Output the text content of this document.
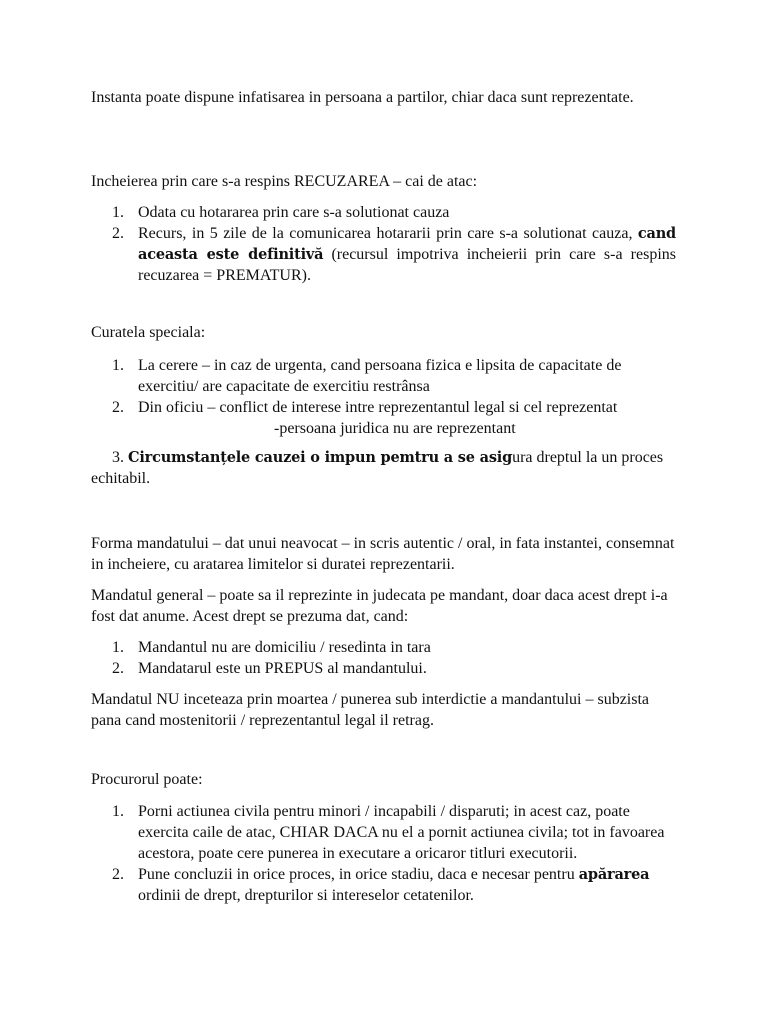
Instanta poate dispune infatisarea in persoana a partilor, chiar daca sunt reprezentate.

Incheierea prin care s-a respins RECUZAREA – cai de atac:

1. Odata cu hotararea prin care s-a solutionat cauza
2. Recurs, in 5 zile de la comunicarea hotararii prin care s-a solutionat cauza, cand aceasta este definitivă (recursul impotriva incheierii prin care s-a respins recuzarea = PREMATUR).

Curatela speciala:

1. La cerere – in caz de urgenta, cand persoana fizica e lipsita de capacitate de exercitiu/ are capacitate de exercitiu restrânsa
2. Din oficiu – conflict de interese intre reprezentantul legal si cel reprezentat
-persoana juridica nu are reprezentant

3. Circumstanțele cauzei o impun pemtru a se asigura dreptul la un proces echitabil.

Forma mandatului – dat unui neavocat – in scris autentic / oral, in fata instantei, consemnat in incheiere, cu aratarea limitelor si duratei reprezentarii.

Mandatul general – poate sa il reprezinte in judecata pe mandant, doar daca acest drept i-a fost dat anume. Acest drept se prezuma dat, cand:

1. Mandantul nu are domiciliu / resedinta in tara
2. Mandatarul este un PREPUS al mandantului.

Mandatul NU inceteaza prin moartea / punerea sub interdictie a mandantului – subzista pana cand mostenitorii / reprezentantul legal il retrag.

Procurorul poate:

1. Porni actiunea civila pentru minori / incapabili / disparuti; in acest caz, poate exercita caile de atac, CHIAR DACA nu el a pornit actiunea civila; tot in favoarea acestora, poate cere punerea in executare a oricaror titluri executorii.
2. Pune concluzii in orice proces, in orice stadiu, daca e necesar pentru apărarea ordinii de drept, drepturilor si intereselor cetatenilor.
